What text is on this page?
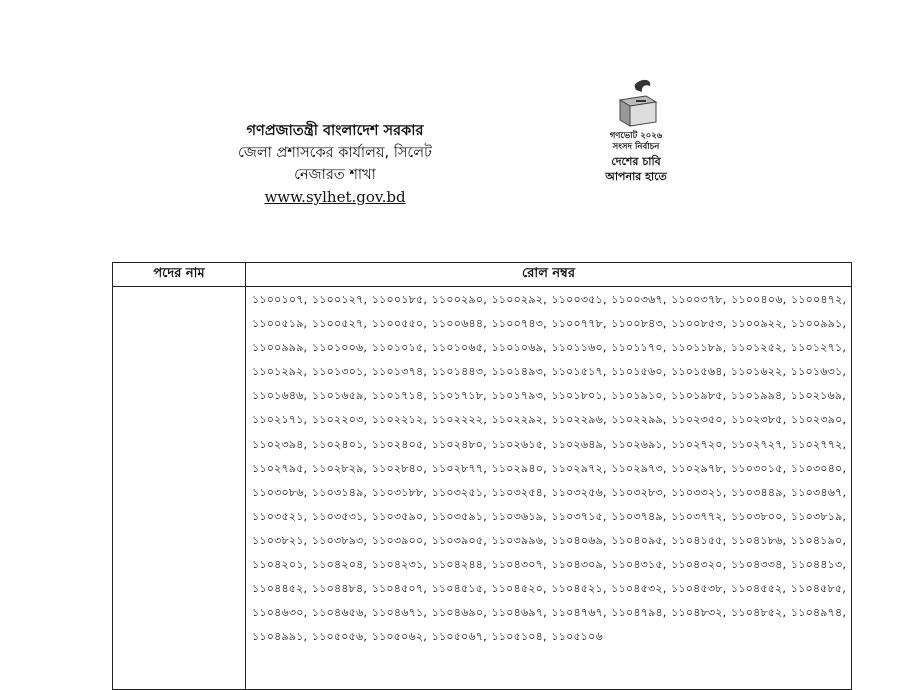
গণপ্রজাতন্ত্রী বাংলাদেশ সরকার
জেলা প্রশাসকের কার্যালয়, সিলেট
নেজারত শাখা
www.sylhet.gov.bd
গণভোট ২০২৬
সংসদ নির্বাচন
দেশের চাবি
আপনার হাতে
পদের নাম	রোল নম্বর

	১১০০১০৭, ১১০০১২৭, ১১০০১৮৫, ১১০০২৯০, ১১০০২৯২, ১১০০৩৫১, ১১০০৩৬৭, ১১০০৩৭৮, ১১০০৪০৬, ১১০০৪৭২, ১১০০৫১৯, ১১০০৫২৭, ১১০০৫৫০, ১১০০৬৪৪, ১১০০৭৪৩, ১১০০৭৭৮, ১১০০৮৪৩, ১১০০৮৫৩, ১১০০৯২২, ১১০০৯৯১, ১১০০৯৯৯, ১১০১০০৬, ১১০১০১৫, ১১০১০৬৫, ১১০১০৬৯, ১১০১১৬০, ১১০১১৭০, ১১০১১৮৯, ১১০১২৫২, ১১০১২৭১, ১১০১২৯২, ১১০১৩০১, ১১০১৩৭৪, ১১০১৪৪৩, ১১০১৪৯৩, ১১০১৫১৭, ১১০১৫৬০, ১১০১৫৬৪, ১১০১৬২২, ১১০১৬৩১, ১১০১৬৪৬, ১১০১৬৫৯, ১১০১৭১৪, ১১০১৭১৮, ১১০১৭৯৩, ১১০১৮০১, ১১০১৯১০, ১১০১৯৮৫, ১১০১৯৯৪, ১১০২১৬৯, ১১০২১৭১, ১১০২২০৩, ১১০২২১২, ১১০২২২২, ১১০২২৯২, ১১০২২৯৬, ১১০২২৯৯, ১১০২৩৫০, ১১০২৩৮৫, ১১০২৩৯০, ১১০২৩৯৪, ১১০২৪০১, ১১০২৪০৫, ১১০২৪৮০, ১১০২৬১৫, ১১০২৬৪৯, ১১০২৬৯১, ১১০২৭২০, ১১০২৭২৭, ১১০২৭৭২, ১১০২৭৯৫, ১১০২৮২৯, ১১০২৮৪০, ১১০২৮৭৭, ১১০২৯৪০, ১১০২৯৭২, ১১০২৯৭৩, ১১০২৯৭৮, ১১০৩০১৫, ১১০৩০৪০, ১১০৩০৮৬, ১১০৩১৪৯, ১১০৩১৮৮, ১১০৩২৫১, ১১০৩২৫৪, ১১০৩২৫৬, ১১০৩২৮৩, ১১০৩৩২১, ১১০৩৪৪৯, ১১০৩৪৬৭, ১১০৩৫২১, ১১০৩৫৩১, ১১০৩৫৯০, ১১০৩৫৯১, ১১০৩৬১৯, ১১০৩৭১৫, ১১০৩৭৪৯, ১১০৩৭৭২, ১১০৩৮০০, ১১০৩৮১৯, ১১০৩৮২১, ১১০৩৮৯৩, ১১০৩৯০০, ১১০৩৯০৫, ১১০৩৯৯৬, ১১০৪০৬৯, ১১০৪০৯৫, ১১০৪১৫৫, ১১০৪১৮৬, ১১০৪১৯০, ১১০৪২০১, ১১০৪২০৪, ১১০৪২৩১, ১১০৪২৪৪, ১১০৪৩০৭, ১১০৪৩০৯, ১১০৪৩১৫, ১১০৪৩২০, ১১০৪৩৩৪, ১১০৪৪১৩, ১১০৪৪৫২, ১১০৪৪৮৪, ১১০৪৫০৭, ১১০৪৫১৫, ১১০৪৫২০, ১১০৪৫২১, ১১০৪৫৩২, ১১০৪৫৩৮, ১১০৪৫৫২, ১১০৪৫৮৫, ১১০৪৬৩০, ১১০৪৬৫৬, ১১০৪৬৭১, ১১০৪৬৯০, ১১০৪৬৯৭, ১১০৪৭৬৭, ১১০৪৭৯৪, ১১০৪৮৩২, ১১০৪৮৫২, ১১০৪৯৭৪, ১১০৪৯৯১, ১১০৫০৫৬, ১১০৫০৬২, ১১০৫০৬৭, ১১০৫১০৪, ১১০৫১০৬
